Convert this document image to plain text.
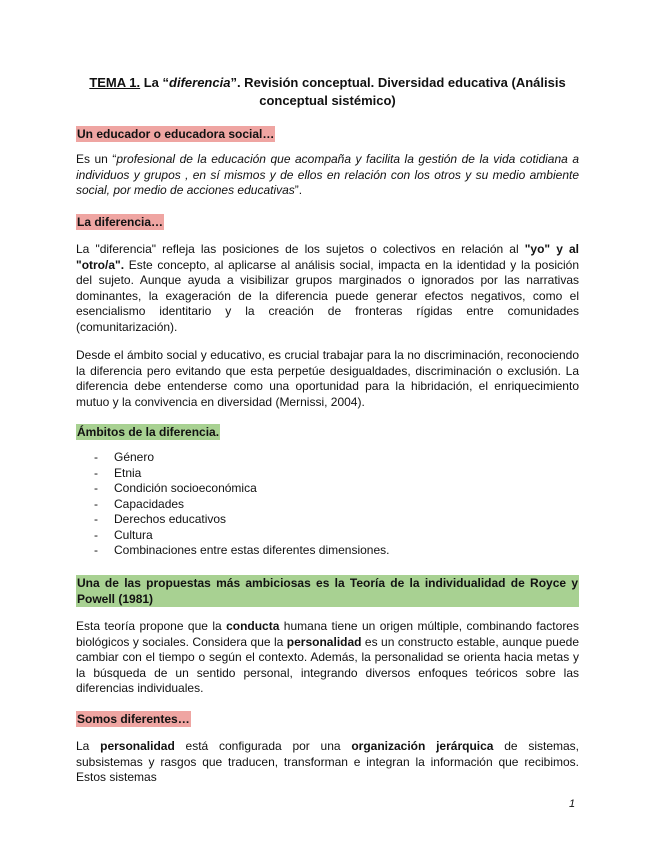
TEMA 1. La “diferencia”. Revisión conceptual. Diversidad educativa (Análisis conceptual sistémico)
Un educador o educadora social…
Es un “profesional de la educación que acompaña y facilita la gestión de la vida cotidiana a individuos y grupos , en sí mismos y de ellos en relación con los otros y su medio ambiente social, por medio de acciones educativas”.
La diferencia…
La "diferencia" refleja las posiciones de los sujetos o colectivos en relación al "yo" y al "otro/a". Este concepto, al aplicarse al análisis social, impacta en la identidad y la posición del sujeto. Aunque ayuda a visibilizar grupos marginados o ignorados por las narrativas dominantes, la exageración de la diferencia puede generar efectos negativos, como el esencialismo identitario y la creación de fronteras rígidas entre comunidades (comunitarización).
Desde el ámbito social y educativo, es crucial trabajar para la no discriminación, reconociendo la diferencia pero evitando que esta perpetúe desigualdades, discriminación o exclusión. La diferencia debe entenderse como una oportunidad para la hibridación, el enriquecimiento mutuo y la convivencia en diversidad (Mernissi, 2004).
Ámbitos de la diferencia.
- Género
- Etnia
- Condición socioeconómica
- Capacidades
- Derechos educativos
- Cultura
- Combinaciones entre estas diferentes dimensiones.
Una de las propuestas más ambiciosas es la Teoría de la individualidad de Royce y Powell (1981)
Esta teoría propone que la conducta humana tiene un origen múltiple, combinando factores biológicos y sociales. Considera que la personalidad es un constructo estable, aunque puede cambiar con el tiempo o según el contexto. Además, la personalidad se orienta hacia metas y la búsqueda de un sentido personal, integrando diversos enfoques teóricos sobre las diferencias individuales.
Somos diferentes…
La personalidad está configurada por una organización jerárquica de sistemas, subsistemas y rasgos que traducen, transforman e integran la información que recibimos. Estos sistemas
1
